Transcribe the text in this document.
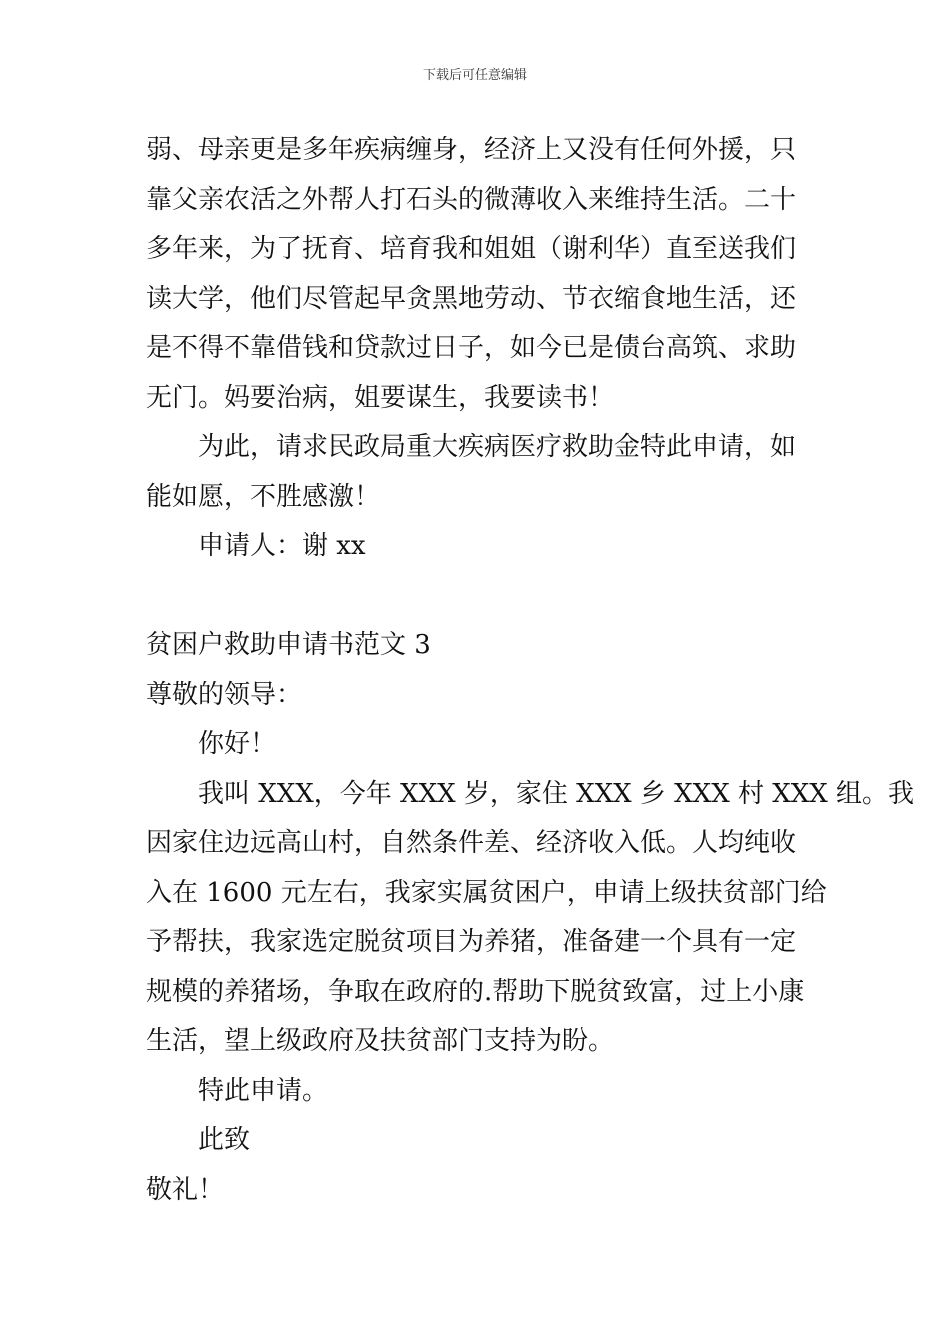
下载后可任意编辑
弱、母亲更是多年疾病缠身，经济上又没有任何外援，只
靠父亲农活之外帮人打石头的微薄收入来维持生活。二十
多年来，为了抚育、培育我和姐姐（谢利华）直至送我们
读大学，他们尽管起早贪黑地劳动、节衣缩食地生活，还
是不得不靠借钱和贷款过日子，如今已是债台高筑、求助
无门。妈要治病，姐要谋生，我要读书！
为此，请求民政局重大疾病医疗救助金特此申请，如
能如愿，不胜感激！
申请人：谢 xx
贫困户救助申请书范文 3
尊敬的领导：
你好！
我叫 XXX，今年 XXX 岁，家住 XXX 乡 XXX 村 XXX 组。我
因家住边远高山村，自然条件差、经济收入低。人均纯收
入在 1600 元左右，我家实属贫困户，申请上级扶贫部门给
予帮扶，我家选定脱贫项目为养猪，准备建一个具有一定
规模的养猪场，争取在政府的.帮助下脱贫致富，过上小康
生活，望上级政府及扶贫部门支持为盼。
特此申请。
此致
敬礼！
